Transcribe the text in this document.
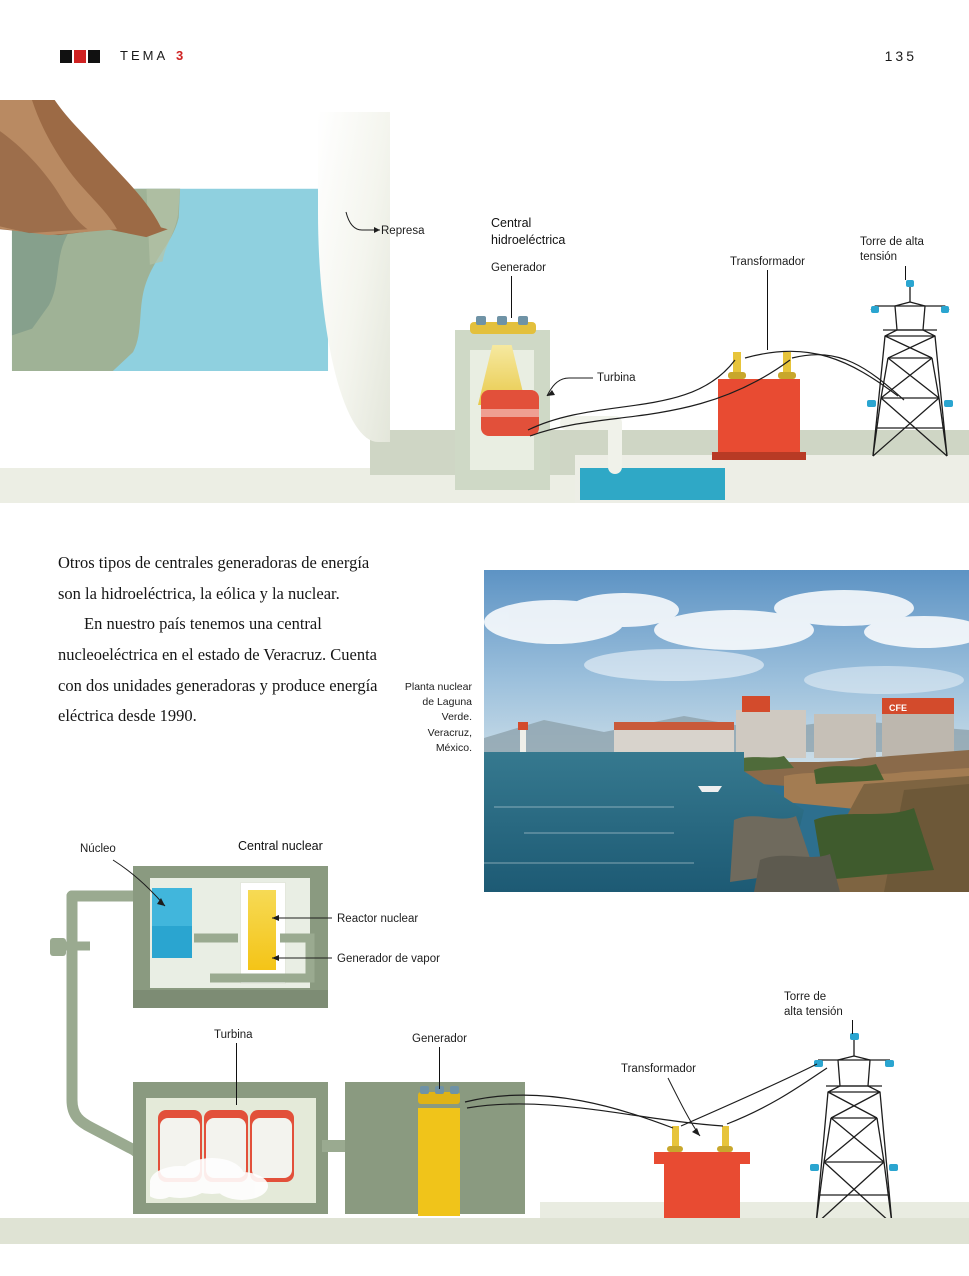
TEMA 3	135
Represa
Central
hidroeléctrica
Generador
Turbina
Transformador
Torre de alta
tensión

Otros tipos de centrales generadoras de energía son la hidroeléctrica, la eólica y la nuclear.

En nuestro país tenemos una central nucleoeléctrica en el estado de Veracruz. Cuenta con dos unidades generadoras y produce energía eléctrica desde 1990.	CFE
Planta nuclear
de Laguna
Verde.
Veracruz,
México.
Núcleo	Central nuclear
Reactor nuclear
Generador de vapor
Turbina	Generador
Transformador
Torre de
alta tensión
